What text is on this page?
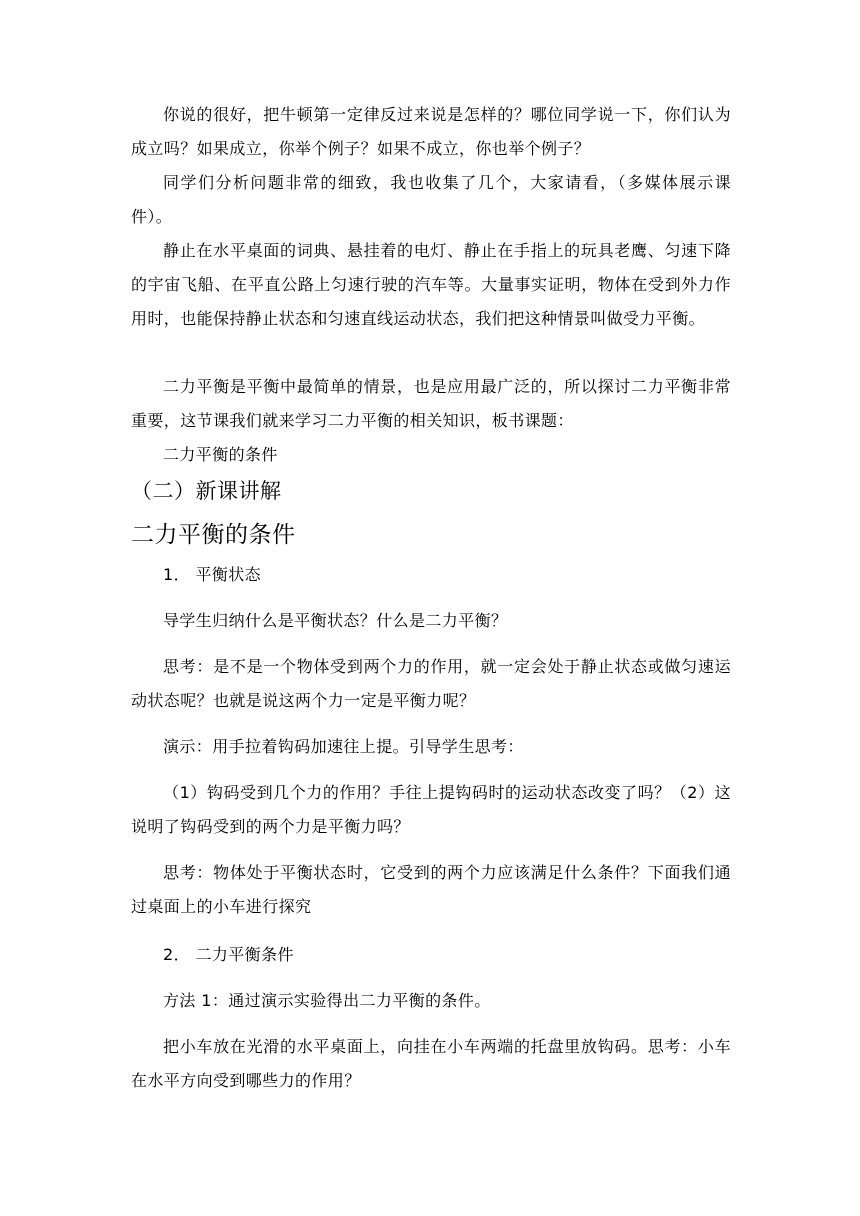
你说的很好，把牛顿第一定律反过来说是怎样的？哪位同学说一下，你们认为成立吗？如果成立，你举个例子？如果不成立，你也举个例子？

同学们分析问题非常的细致，我也收集了几个，大家请看，（多媒体展示课件）。

静止在水平桌面的词典、悬挂着的电灯、静止在手指上的玩具老鹰、匀速下降的宇宙飞船、在平直公路上匀速行驶的汽车等。大量事实证明，物体在受到外力作用时，也能保持静止状态和匀速直线运动状态，我们把这种情景叫做受力平衡。

二力平衡是平衡中最简单的情景，也是应用最广泛的，所以探讨二力平衡非常重要，这节课我们就来学习二力平衡的相关知识，板书课题：

二力平衡的条件

（二）新课讲解
二力平衡的条件

1． 平衡状态

导学生归纳什么是平衡状态？什么是二力平衡？

思考：是不是一个物体受到两个力的作用，就一定会处于静止状态或做匀速运动状态呢？也就是说这两个力一定是平衡力呢？

演示：用手拉着钩码加速往上提。引导学生思考：

（1）钩码受到几个力的作用？手往上提钩码时的运动状态改变了吗？（2）这说明了钩码受到的两个力是平衡力吗？

思考：物体处于平衡状态时，它受到的两个力应该满足什么条件？下面我们通过桌面上的小车进行探究

2． 二力平衡条件

方法 1：通过演示实验得出二力平衡的条件。

把小车放在光滑的水平桌面上，向挂在小车两端的托盘里放钩码。思考：小车在水平方向受到哪些力的作用？
